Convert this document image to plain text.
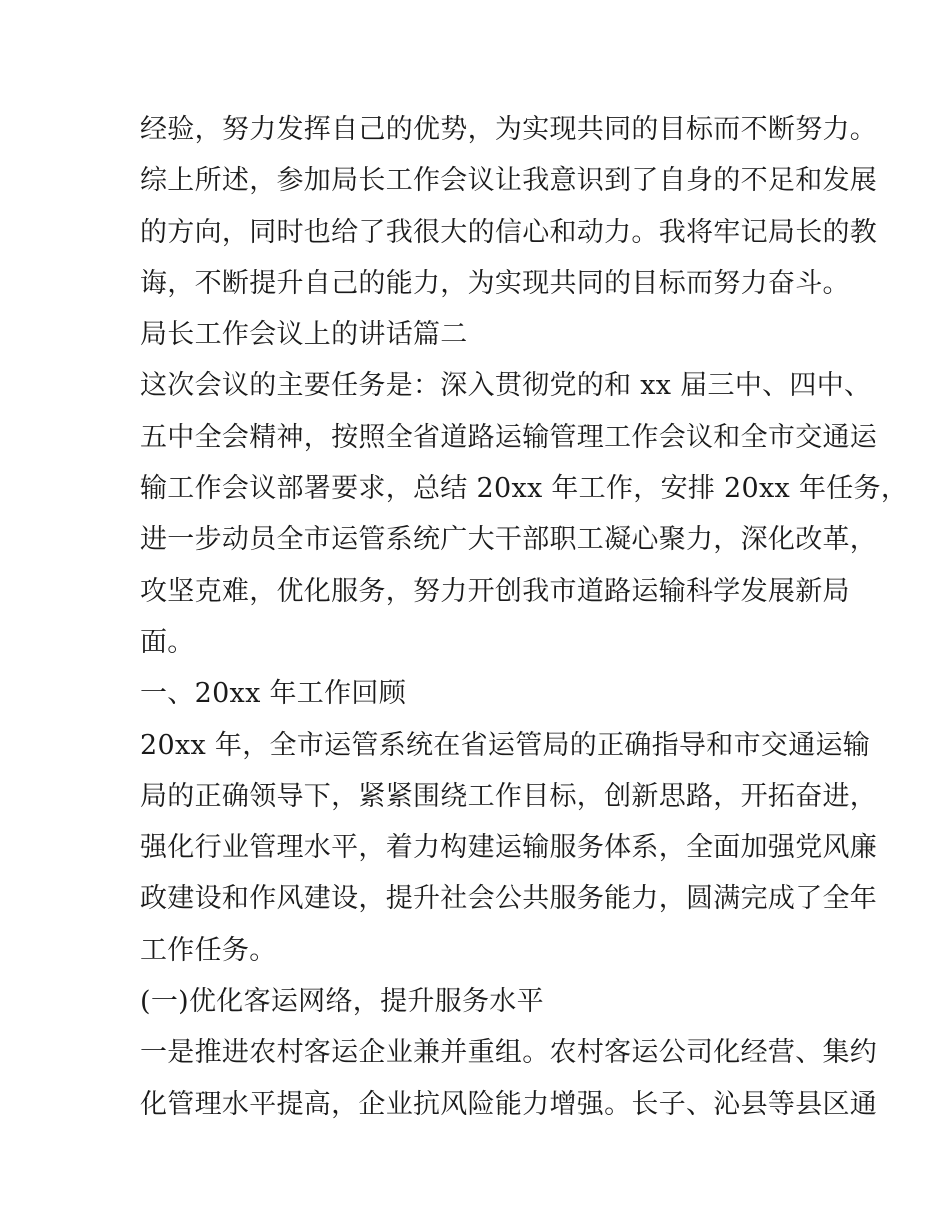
经验，努力发挥自己的优势，为实现共同的目标而不断努力。
综上所述，参加局长工作会议让我意识到了自身的不足和发展
的方向，同时也给了我很大的信心和动力。我将牢记局长的教
诲，不断提升自己的能力，为实现共同的目标而努力奋斗。
局长工作会议上的讲话篇二
这次会议的主要任务是：深入贯彻党的和 xx 届三中、四中、
五中全会精神，按照全省道路运输管理工作会议和全市交通运
输工作会议部署要求，总结 20xx 年工作，安排 20xx 年任务，
进一步动员全市运管系统广大干部职工凝心聚力，深化改革，
攻坚克难，优化服务，努力开创我市道路运输科学发展新局
面。
一、20xx 年工作回顾
20xx 年，全市运管系统在省运管局的正确指导和市交通运输
局的正确领导下，紧紧围绕工作目标，创新思路，开拓奋进，
强化行业管理水平，着力构建运输服务体系，全面加强党风廉
政建设和作风建设，提升社会公共服务能力，圆满完成了全年
工作任务。
(一)优化客运网络，提升服务水平
一是推进农村客运企业兼并重组。农村客运公司化经营、集约
化管理水平提高，企业抗风险能力增强。长子、沁县等县区通
